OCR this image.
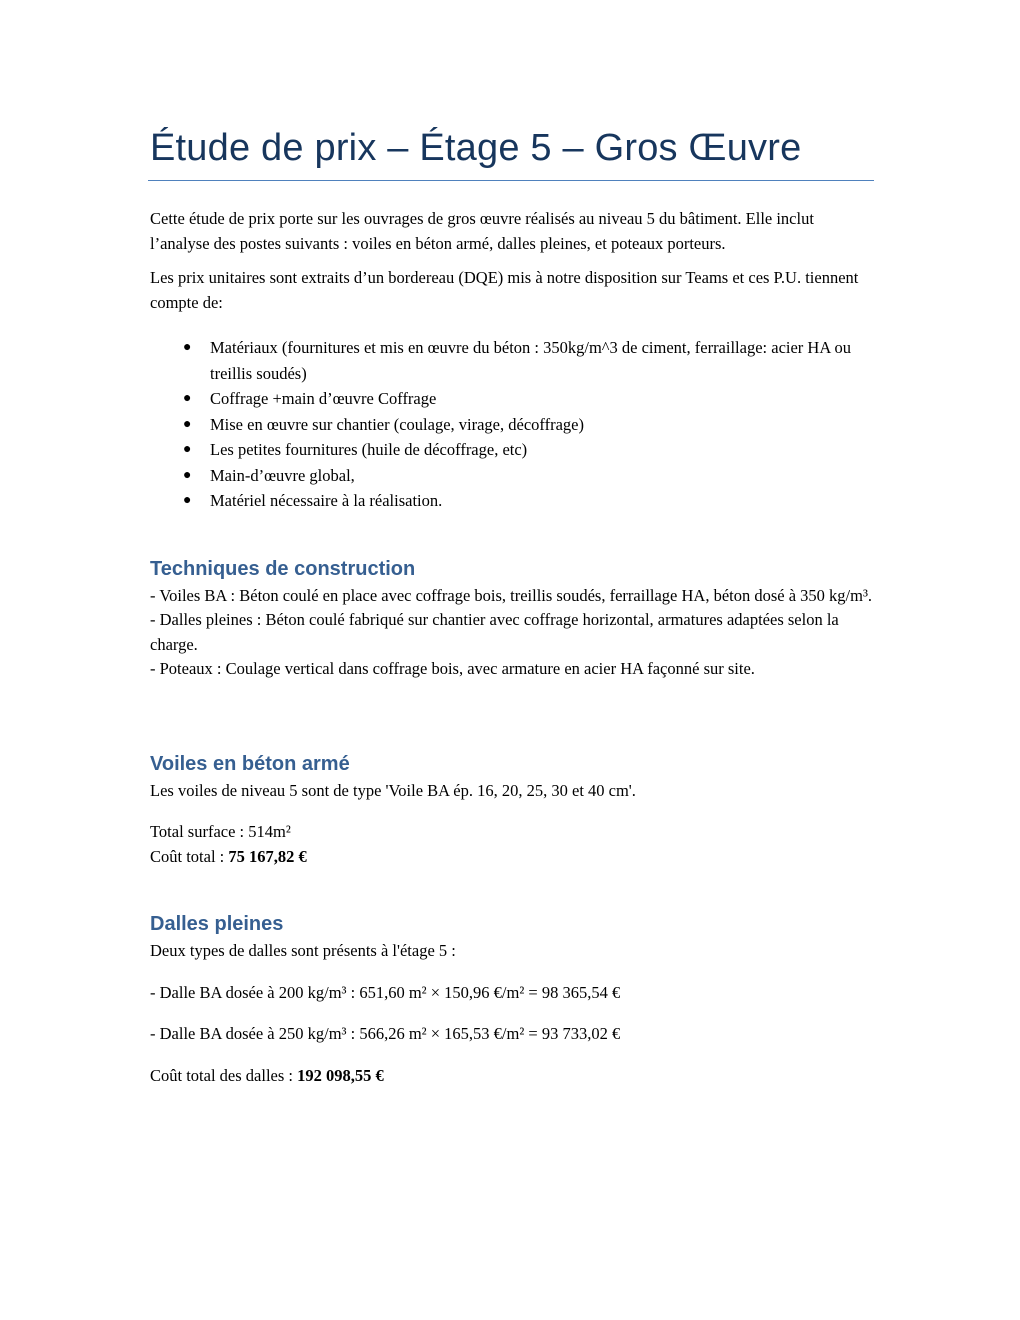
Étude de prix – Étage 5 – Gros Œuvre

Cette étude de prix porte sur les ouvrages de gros œuvre réalisés au niveau 5 du bâtiment. Elle inclut l’analyse des postes suivants : voiles en béton armé, dalles pleines, et poteaux porteurs.

Les prix unitaires sont extraits d’un bordereau (DQE) mis à notre disposition sur Teams et ces P.U. tiennent compte de:

● Matériaux (fournitures et mis en œuvre du béton : 350kg/m^3 de ciment, ferraillage: acier HA ou treillis soudés)
● Coffrage +main d’œuvre Coffrage
● Mise en œuvre sur chantier (coulage, virage, décoffrage)
● Les petites fournitures (huile de décoffrage, etc)
● Main-d’œuvre global,
● Matériel nécessaire à la réalisation.
Techniques de construction

- Voiles BA : Béton coulé en place avec coffrage bois, treillis soudés, ferraillage HA, béton dosé à 350 kg/m³.

- Dalles pleines : Béton coulé fabriqué sur chantier avec coffrage horizontal, armatures adaptées selon la charge.

- Poteaux : Coulage vertical dans coffrage bois, avec armature en acier HA façonné sur site.

Voiles en béton armé

Les voiles de niveau 5 sont de type 'Voile BA ép. 16, 20, 25, 30 et 40 cm'.

Total surface : 514m²

Coût total : 75 167,82 €

Dalles pleines

Deux types de dalles sont présents à l'étage 5 :

- Dalle BA dosée à 200 kg/m³ : 651,60 m² × 150,96 €/m² = 98 365,54 €

- Dalle BA dosée à 250 kg/m³ : 566,26 m² × 165,53 €/m² = 93 733,02 €

Coût total des dalles : 192 098,55 €
